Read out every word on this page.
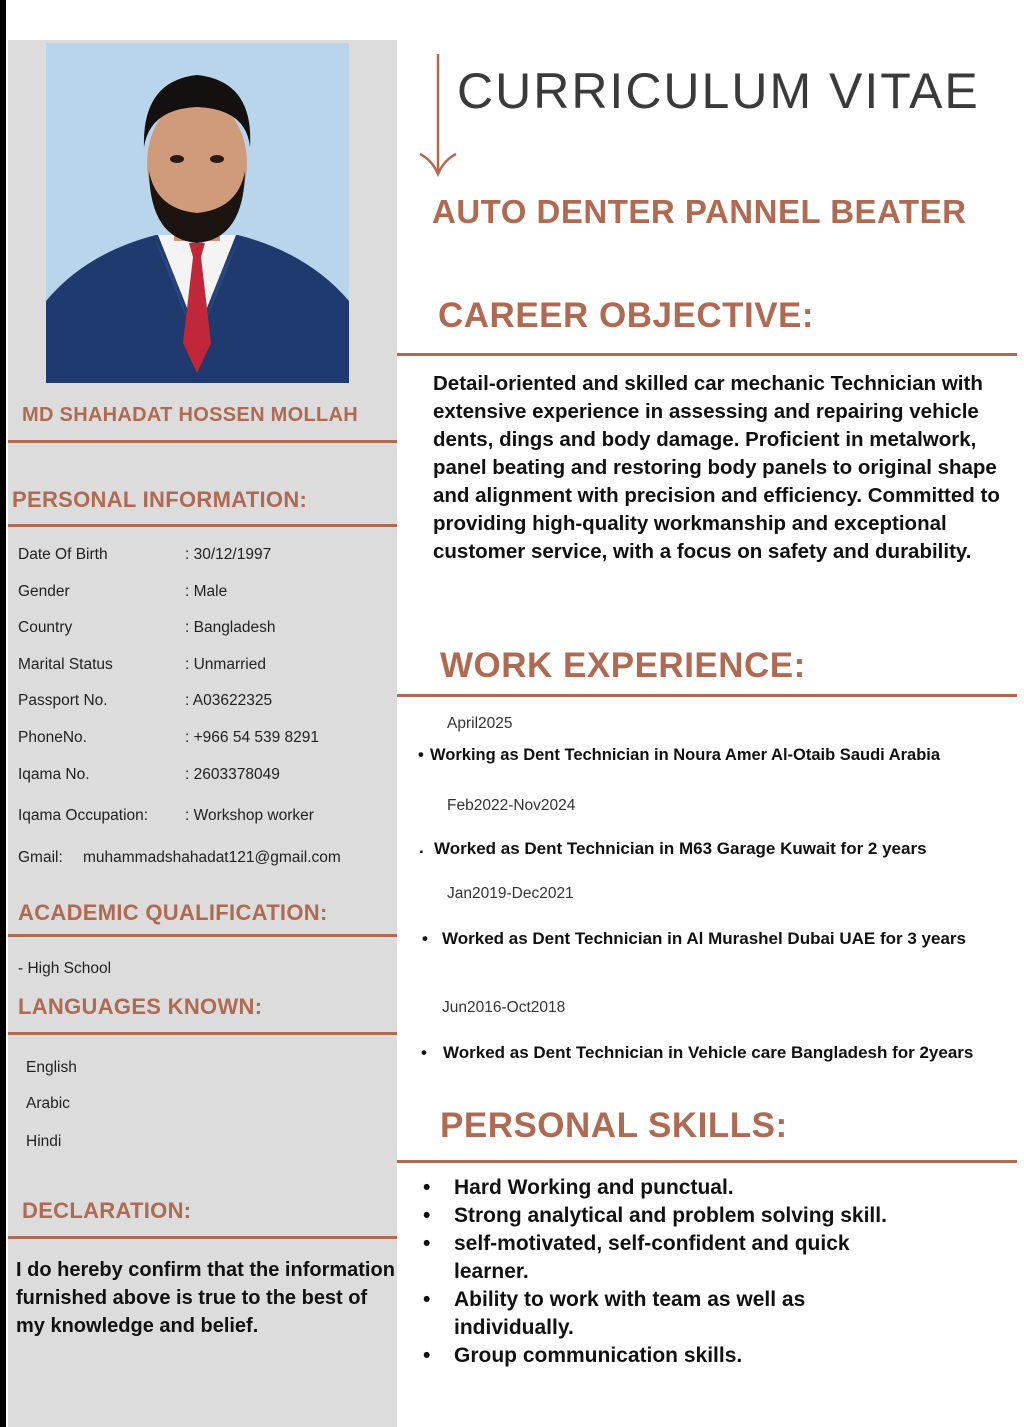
MD SHAHADAT HOSSEN MOLLAH
PERSONAL INFORMATION:
Date Of Birth	: 30/12/1997
Gender	: Male
Country	: Bangladesh
Marital Status	: Unmarried
Passport No.	: A03622325
PhoneNo.	: +966 54 539 8291
Iqama No.	: 2603378049
Iqama Occupation: : Workshop worker
Gmail: muhammadshahadat121@gmail.com
ACADEMIC QUALIFICATION:
- High School
LANGUAGES KNOWN:
English
Arabic
Hindi
DECLARATION:
I do hereby confirm that the information furnished above is true to the best of my knowledge and belief.
CURRICULUM VITAE
AUTO DENTER PANNEL BEATER
CAREER OBJECTIVE:
Detail-oriented and skilled car mechanic Technician with extensive experience in assessing and repairing vehicle dents, dings and body damage. Proficient in metalwork, panel beating and restoring body panels to original shape and alignment with precision and efficiency. Committed to providing high-quality workmanship and exceptional customer service, with a focus on safety and durability.
WORK EXPERIENCE:
April2025
• Working as Dent Technician in Noura Amer Al-Otaib Saudi Arabia
Feb2022-Nov2024
. Worked as Dent Technician in M63 Garage Kuwait for 2 years
Jan2019-Dec2021
• Worked as Dent Technician in Al Murashel Dubai UAE for 3 years
Jun2016-Oct2018
• Worked as Dent Technician in Vehicle care Bangladesh for 2years
PERSONAL SKILLS:
• Hard Working and punctual.
• Strong analytical and problem solving skill.
• self-motivated, self-confident and quick learner.
• Ability to work with team as well as individually.
• Group communication skills.
